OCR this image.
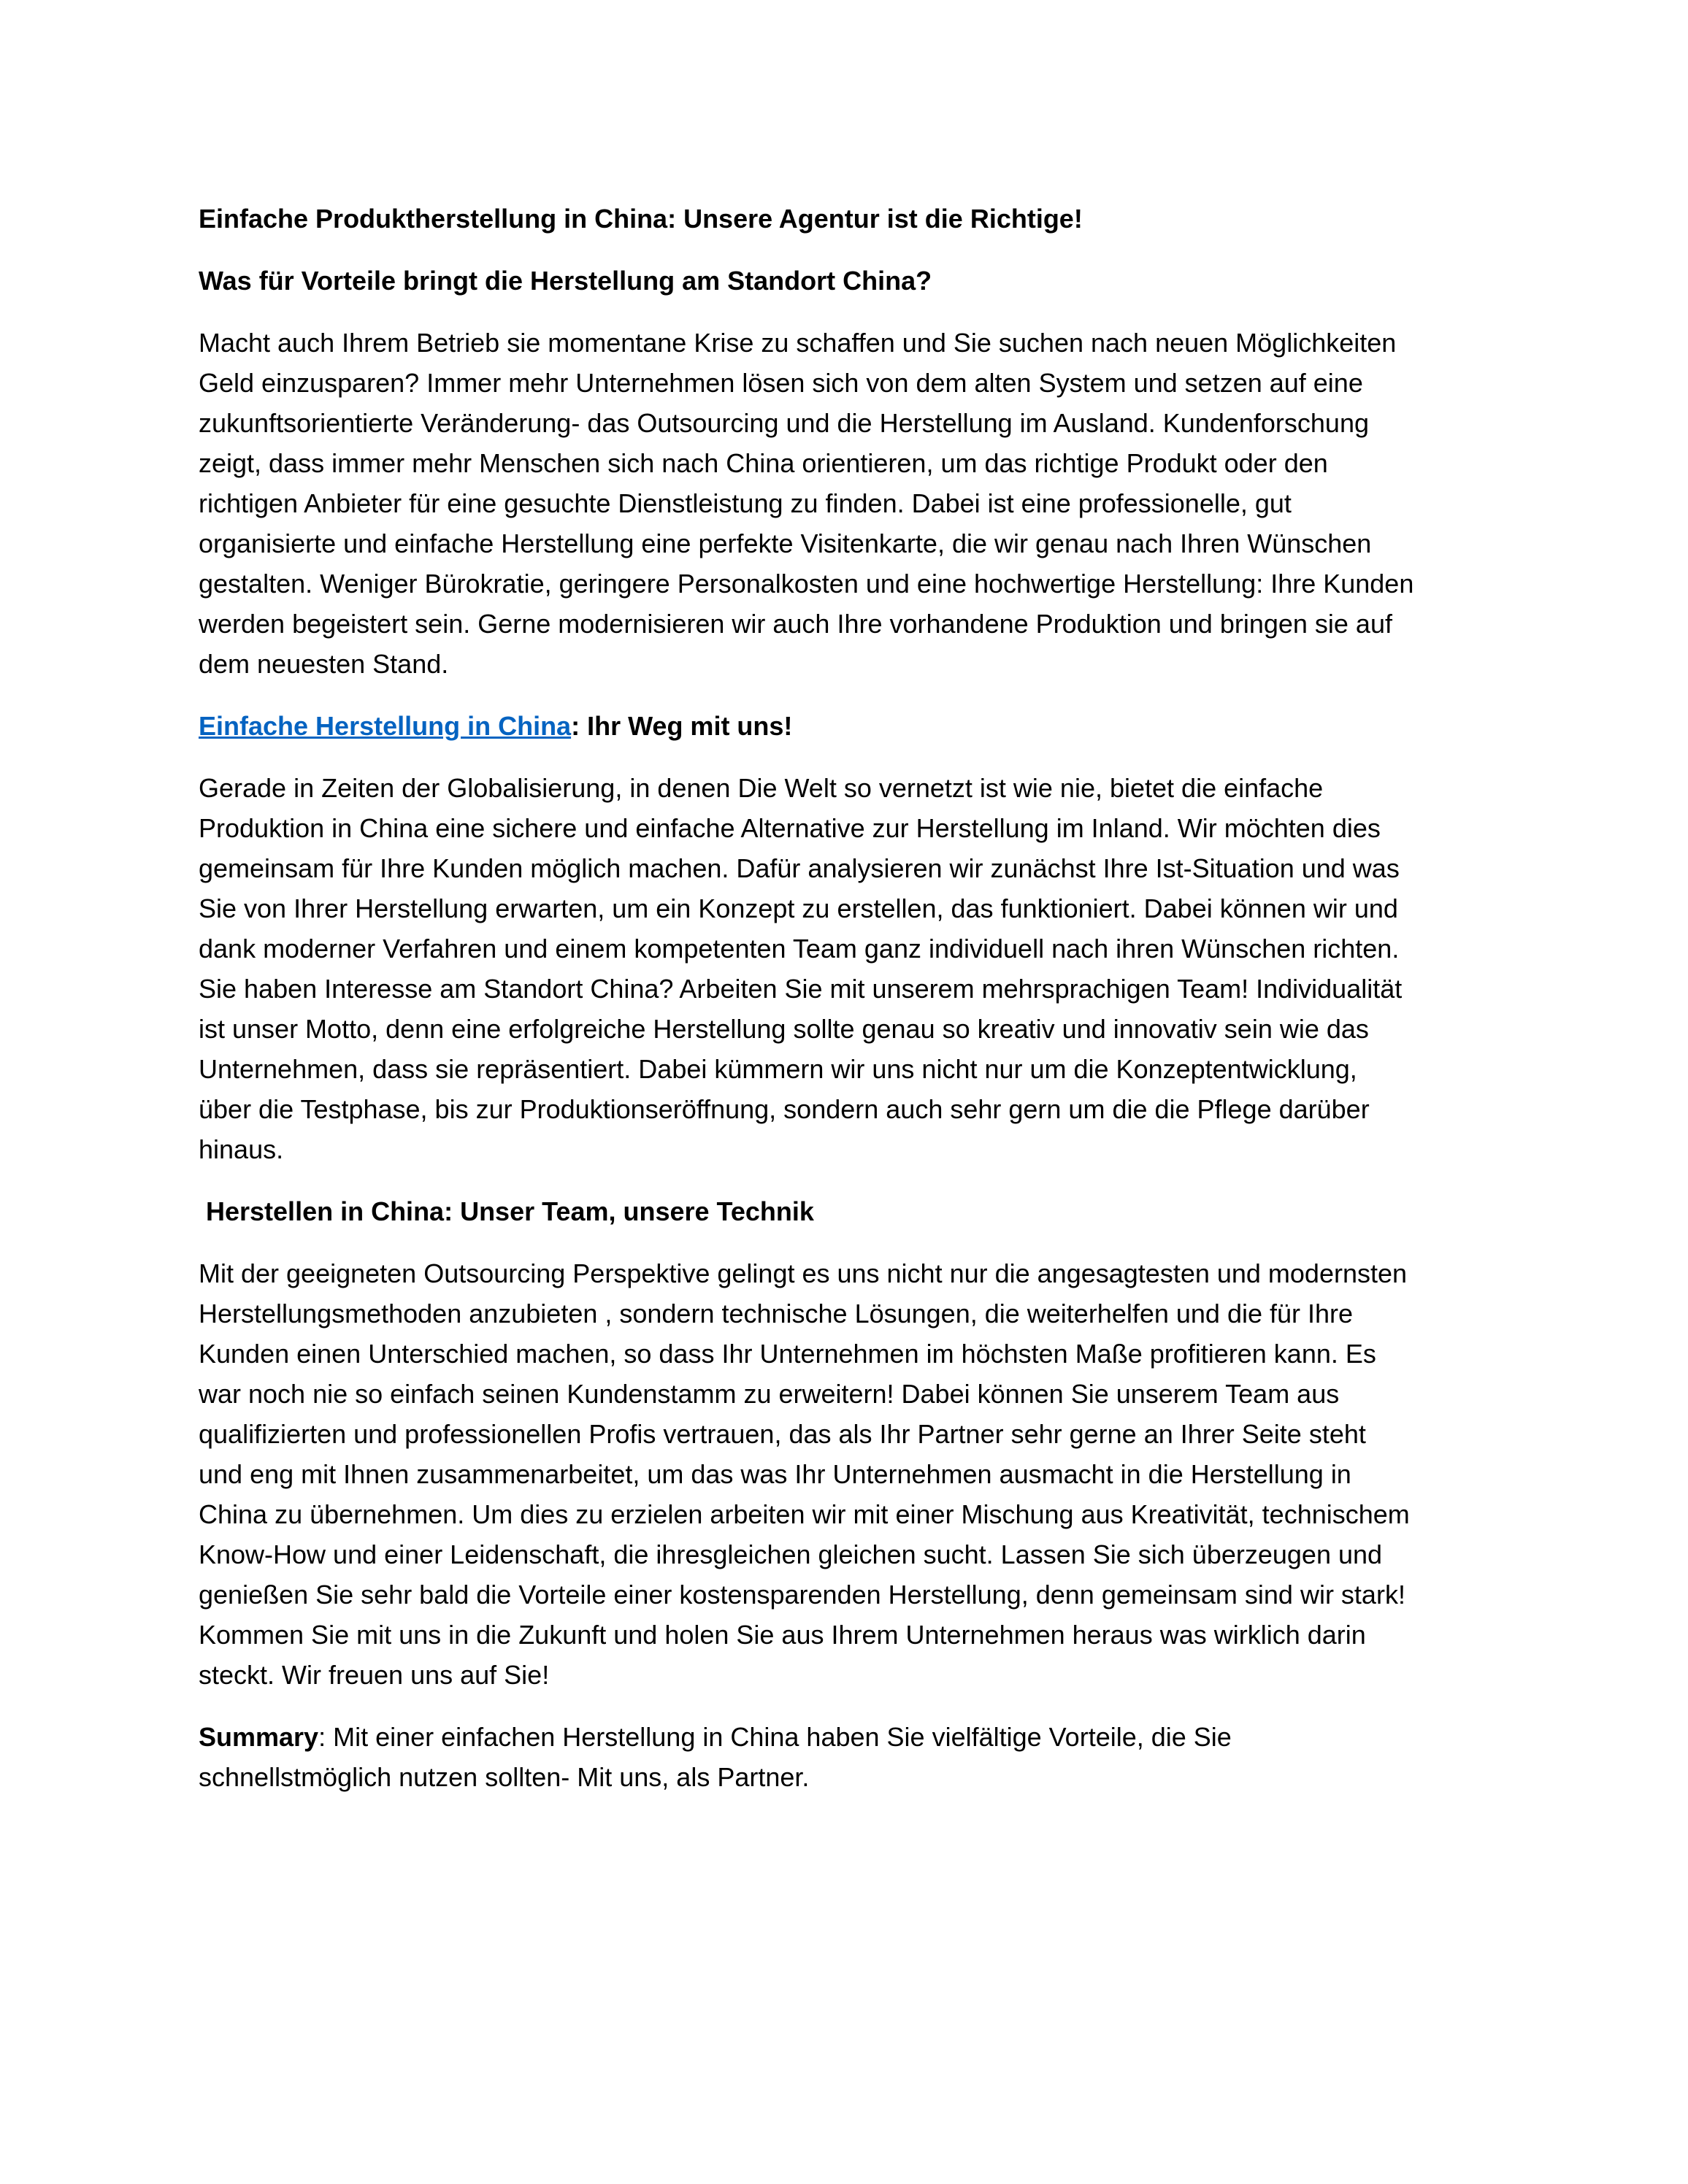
Einfache Produktherstellung in China: Unsere Agentur ist die Richtige!
Was für Vorteile bringt die Herstellung am Standort China?
Macht auch Ihrem Betrieb sie momentane Krise zu schaffen und Sie suchen nach neuen Möglichkeiten
Geld einzusparen? Immer mehr Unternehmen lösen sich von dem alten System und setzen auf eine
zukunftsorientierte Veränderung- das Outsourcing und die Herstellung im Ausland. Kundenforschung
zeigt, dass immer mehr Menschen sich nach China orientieren, um das richtige Produkt oder den
richtigen Anbieter für eine gesuchte Dienstleistung zu finden. Dabei ist eine professionelle, gut
organisierte und einfache Herstellung eine perfekte Visitenkarte, die wir genau nach Ihren Wünschen
gestalten. Weniger Bürokratie, geringere Personalkosten und eine hochwertige Herstellung: Ihre Kunden
werden begeistert sein. Gerne modernisieren wir auch Ihre vorhandene Produktion und bringen sie auf
dem neuesten Stand.
Einfache Herstellung in China: Ihr Weg mit uns!
Gerade in Zeiten der Globalisierung, in denen Die Welt so vernetzt ist wie nie, bietet die einfache
Produktion in China eine sichere und einfache Alternative zur Herstellung im Inland. Wir möchten dies
gemeinsam für Ihre Kunden möglich machen. Dafür analysieren wir zunächst Ihre Ist-Situation und was
Sie von Ihrer Herstellung erwarten, um ein Konzept zu erstellen, das funktioniert. Dabei können wir und
dank moderner Verfahren und einem kompetenten Team ganz individuell nach ihren Wünschen richten.
Sie haben Interesse am Standort China? Arbeiten Sie mit unserem mehrsprachigen Team! Individualität
ist unser Motto, denn eine erfolgreiche Herstellung sollte genau so kreativ und innovativ sein wie das
Unternehmen, dass sie repräsentiert. Dabei kümmern wir uns nicht nur um die Konzeptentwicklung,
über die Testphase, bis zur Produktionseröffnung, sondern auch sehr gern um die die Pflege darüber
hinaus.
Herstellen in China: Unser Team, unsere Technik
Mit der geeigneten Outsourcing Perspektive gelingt es uns nicht nur die angesagtesten und modernsten
Herstellungsmethoden anzubieten , sondern technische Lösungen, die weiterhelfen und die für Ihre
Kunden einen Unterschied machen, so dass Ihr Unternehmen im höchsten Maße profitieren kann. Es
war noch nie so einfach seinen Kundenstamm zu erweitern! Dabei können Sie unserem Team aus
qualifizierten und professionellen Profis vertrauen, das als Ihr Partner sehr gerne an Ihrer Seite steht
und eng mit Ihnen zusammenarbeitet, um das was Ihr Unternehmen ausmacht in die Herstellung in
China zu übernehmen. Um dies zu erzielen arbeiten wir mit einer Mischung aus Kreativität, technischem
Know-How und einer Leidenschaft, die ihresgleichen gleichen sucht. Lassen Sie sich überzeugen und
genießen Sie sehr bald die Vorteile einer kostensparenden Herstellung, denn gemeinsam sind wir stark!
Kommen Sie mit uns in die Zukunft und holen Sie aus Ihrem Unternehmen heraus was wirklich darin
steckt. Wir freuen uns auf Sie!
Summary: Mit einer einfachen Herstellung in China haben Sie vielfältige Vorteile, die Sie
schnellstmöglich nutzen sollten- Mit uns, als Partner.
